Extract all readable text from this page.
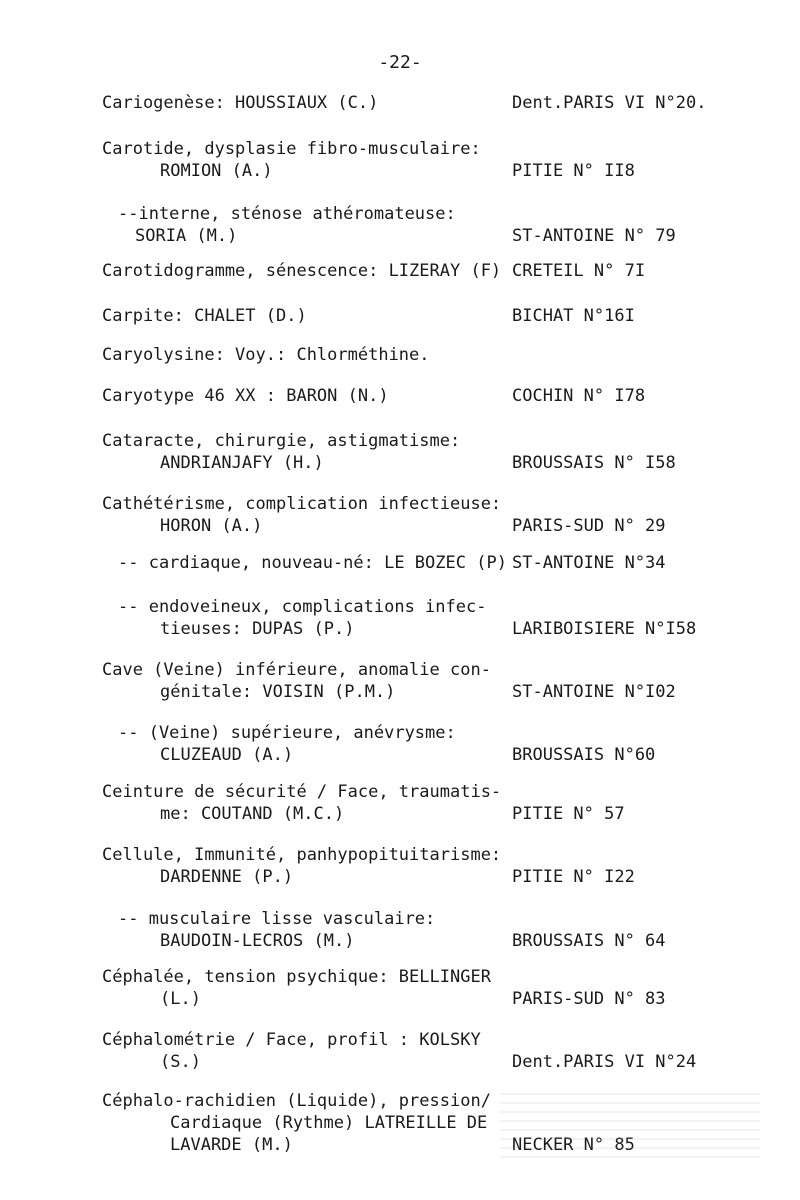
-22-
Cariogenèse: HOUSSIAUX (C.)	Dent.PARIS VI N°20.
Carotide, dysplasie fibro-musculaire:
ROMION (A.)	PITIE N° II8
--interne, sténose athéromateuse:
SORIA (M.)	ST-ANTOINE N° 79
Carotidogramme, sénescence: LIZERAY (F) CRETEIL N° 7I
Carpite: CHALET (D.)	BICHAT N°16I
Caryolysine: Voy.: Chlorméthine.
Caryotype 46 XX : BARON (N.)	COCHIN N° I78
Cataracte, chirurgie, astigmatisme:
ANDRIANJAFY (H.)	BROUSSAIS N° I58
Cathétérisme, complication infectieuse:
HORON (A.)	PARIS-SUD N° 29
-- cardiaque, nouveau-né: LE BOZEC (P) ST-ANTOINE N°34
-- endoveineux, complications infec-
tieuses: DUPAS (P.)	LARIBOISIERE N°I58
Cave (Veine) inférieure, anomalie con-
génitale: VOISIN (P.M.)	ST-ANTOINE N°I02
-- (Veine) supérieure, anévrysme:
CLUZEAUD (A.)	BROUSSAIS N°60
Ceinture de sécurité / Face, traumatis-
me: COUTAND (M.C.)	PITIE N° 57
Cellule, Immunité, panhypopituitarisme:
DARDENNE (P.)	PITIE N° I22
-- musculaire lisse vasculaire:
BAUDOIN-LECROS (M.)	BROUSSAIS N° 64
Céphalée, tension psychique: BELLINGER
(L.)	PARIS-SUD N° 83
Céphalométrie / Face, profil : KOLSKY
(S.)	Dent.PARIS VI N°24
Céphalo-rachidien (Liquide), pression/
Cardiaque (Rythme) LATREILLE DE
LAVARDE (M.)	NECKER N° 85
